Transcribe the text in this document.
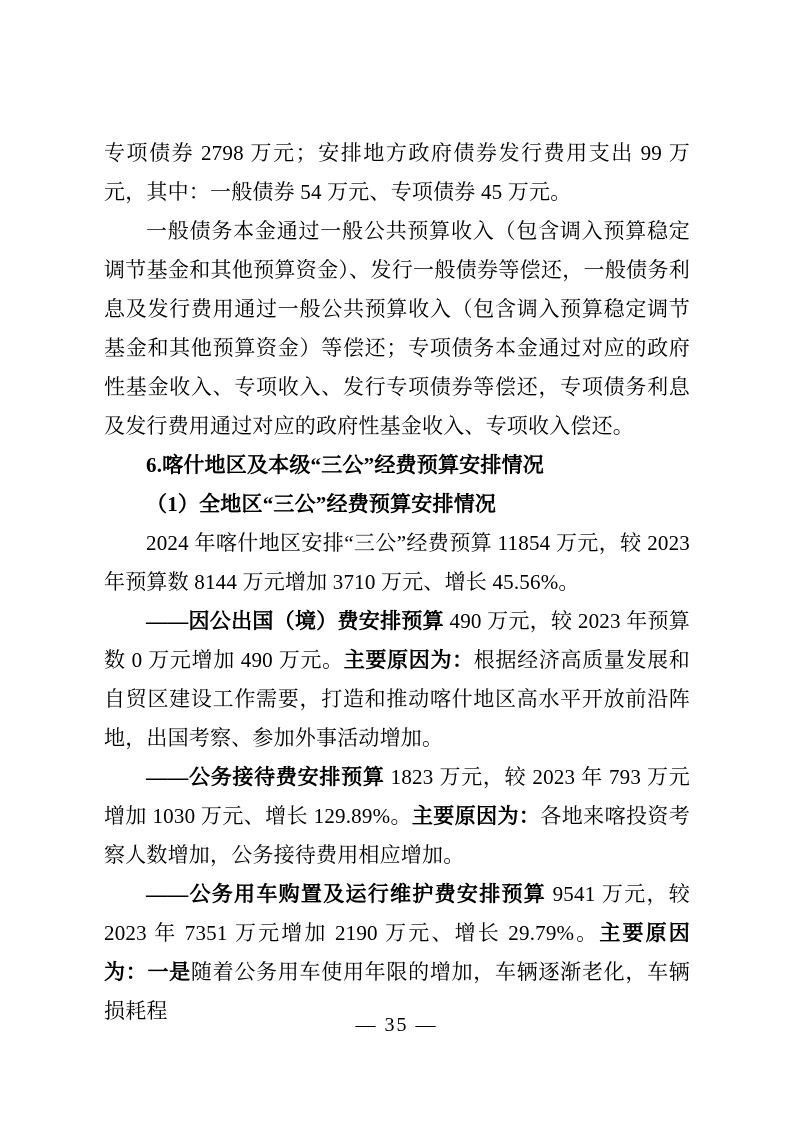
专项债券 2798 万元；安排地方政府债券发行费用支出 99 万元，其中：一般债券 54 万元、专项债券 45 万元。

一般债务本金通过一般公共预算收入（包含调入预算稳定调节基金和其他预算资金）、发行一般债券等偿还，一般债务利息及发行费用通过一般公共预算收入（包含调入预算稳定调节基金和其他预算资金）等偿还；专项债务本金通过对应的政府性基金收入、专项收入、发行专项债券等偿还，专项债务利息及发行费用通过对应的政府性基金收入、专项收入偿还。

6.喀什地区及本级“三公”经费预算安排情况

（1）全地区“三公”经费预算安排情况

2024 年喀什地区安排“三公”经费预算 11854 万元，较 2023 年预算数 8144 万元增加 3710 万元、增长 45.56%。

——因公出国（境）费安排预算 490 万元，较 2023 年预算数 0 万元增加 490 万元。主要原因为：根据经济高质量发展和自贸区建设工作需要，打造和推动喀什地区高水平开放前沿阵地，出国考察、参加外事活动增加。

——公务接待费安排预算 1823 万元，较 2023 年 793 万元增加 1030 万元、增长 129.89%。主要原因为：各地来喀投资考察人数增加，公务接待费用相应增加。

——公务用车购置及运行维护费安排预算 9541 万元，较 2023 年 7351 万元增加 2190 万元、增长 29.79%。主要原因为：一是随着公务用车使用年限的增加，车辆逐渐老化，车辆损耗程

— 35 —
